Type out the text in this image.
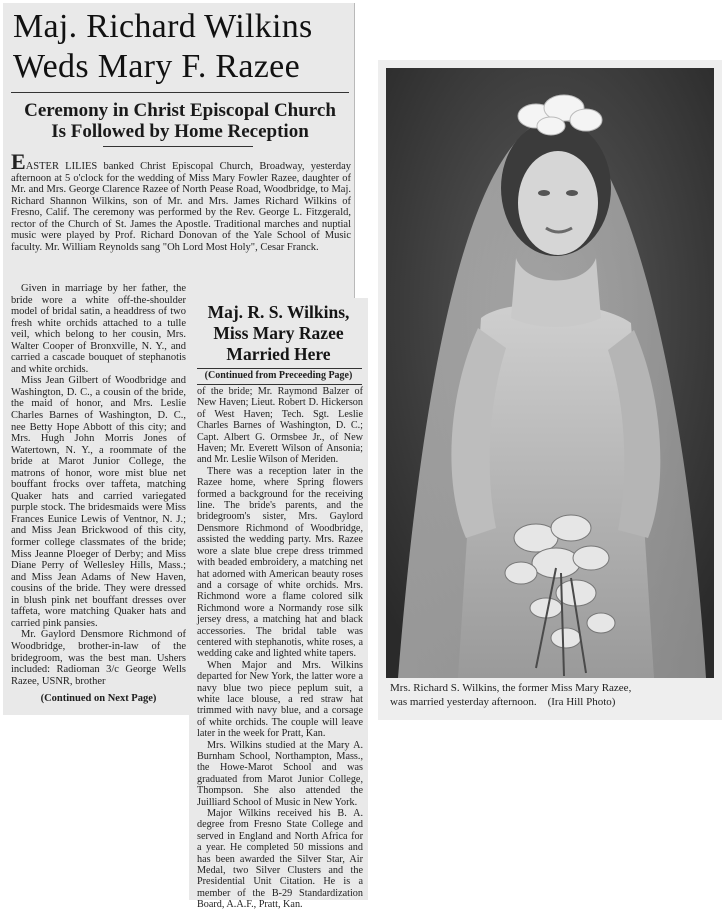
Maj. Richard Wilkins
Weds Mary F. Razee
Ceremony in Christ Episcopal Church
Is Followed by Home Reception

EASTER LILIES banked Christ Episcopal Church, Broadway, yesterday afternoon at 5 o'clock for the wedding of Miss Mary Fowler Razee, daughter of Mr. and Mrs. George Clarence Razee of North Pease Road, Woodbridge, to Maj. Richard Shannon Wilkins, son of Mr. and Mrs. James Richard Wilkins of Fresno, Calif. The ceremony was performed by the Rev. George L. Fitzgerald, rector of the Church of St. James the Apostle. Traditional marches and nuptial music were played by Prof. Richard Donovan of the Yale School of Music faculty. Mr. William Reynolds sang "Oh Lord Most Holy", Cesar Franck.

Given in marriage by her father, the bride wore a white off-the-shoulder model of bridal satin, a headdress of two fresh white orchids attached to a tulle veil, which belong to her cousin, Mrs. Walter Cooper of Bronxville, N. Y., and carried a cascade bouquet of stephanotis and white orchids.

Miss Jean Gilbert of Woodbridge and Washington, D. C., a cousin of the bride, the maid of honor, and Mrs. Leslie Charles Barnes of Washington, D. C., nee Betty Hope Abbott of this city; and Mrs. Hugh John Morris Jones of Watertown, N. Y., a roommate of the bride at Marot Junior College, the matrons of honor, wore mist blue net bouffant frocks over taffeta, matching Quaker hats and carried variegated purple stock. The bridesmaids were Miss Frances Eunice Lewis of Ventnor, N. J.; and Miss Jean Brickwood of this city, former college classmates of the bride; Miss Jeanne Ploeger of Derby; and Miss Diane Perry of Wellesley Hills, Mass.; and Miss Jean Adams of New Haven, cousins of the bride. They were dressed in blush pink net bouffant dresses over taffeta, wore matching Quaker hats and carried pink pansies.

Mr. Gaylord Densmore Richmond of Woodbridge, brother-in-law of the bridegroom, was the best man. Ushers included: Radioman 3/c George Wells Razee, USNR, brother

(Continued on Next Page)
Maj. R. S. Wilkins,
Miss Mary Razee
Married Here
(Continued from Preceeding Page)

of the bride; Mr. Raymond Balzer of New Haven; Lieut. Robert D. Hickerson of West Haven; Tech. Sgt. Leslie Charles Barnes of Washington, D. C.; Capt. Albert G. Ormsbee Jr., of New Haven; Mr. Everett Wilson of Ansonia; and Mr. Leslie Wilson of Meriden.

There was a reception later in the Razee home, where Spring flowers formed a background for the receiving line. The bride's parents, and the bridegroom's sister, Mrs. Gaylord Densmore Richmond of Woodbridge, assisted the wedding party. Mrs. Razee wore a slate blue crepe dress trimmed with beaded embroidery, a matching net hat adorned with American beauty roses and a corsage of white orchids. Mrs. Richmond wore a flame colored silk Richmond wore a Normandy rose silk jersey dress, a matching hat and black accessories. The bridal table was centered with stephanotis, white roses, a wedding cake and lighted white tapers.

When Major and Mrs. Wilkins departed for New York, the latter wore a navy blue two piece peplum suit, a white lace blouse, a red straw hat trimmed with navy blue, and a corsage of white orchids. The couple will leave later in the week for Pratt, Kan.

Mrs. Wilkins studied at the Mary A. Burnham School, Northampton, Mass., the Howe-Marot School and was graduated from Marot Junior College, Thompson. She also attended the Juilliard School of Music in New York.

Major Wilkins received his B. A. degree from Fresno State College and served in England and North Africa for a year. He completed 50 missions and has been awarded the Silver Star, Air Medal, two Silver Clusters and the Presidential Unit Citation. He is a member of the B-29 Standardization Board, A.A.F., Pratt, Kan.

Mrs. Richard S. Wilkins, the former Miss Mary Razee,
was married yesterday afternoon.    (Ira Hill Photo)
